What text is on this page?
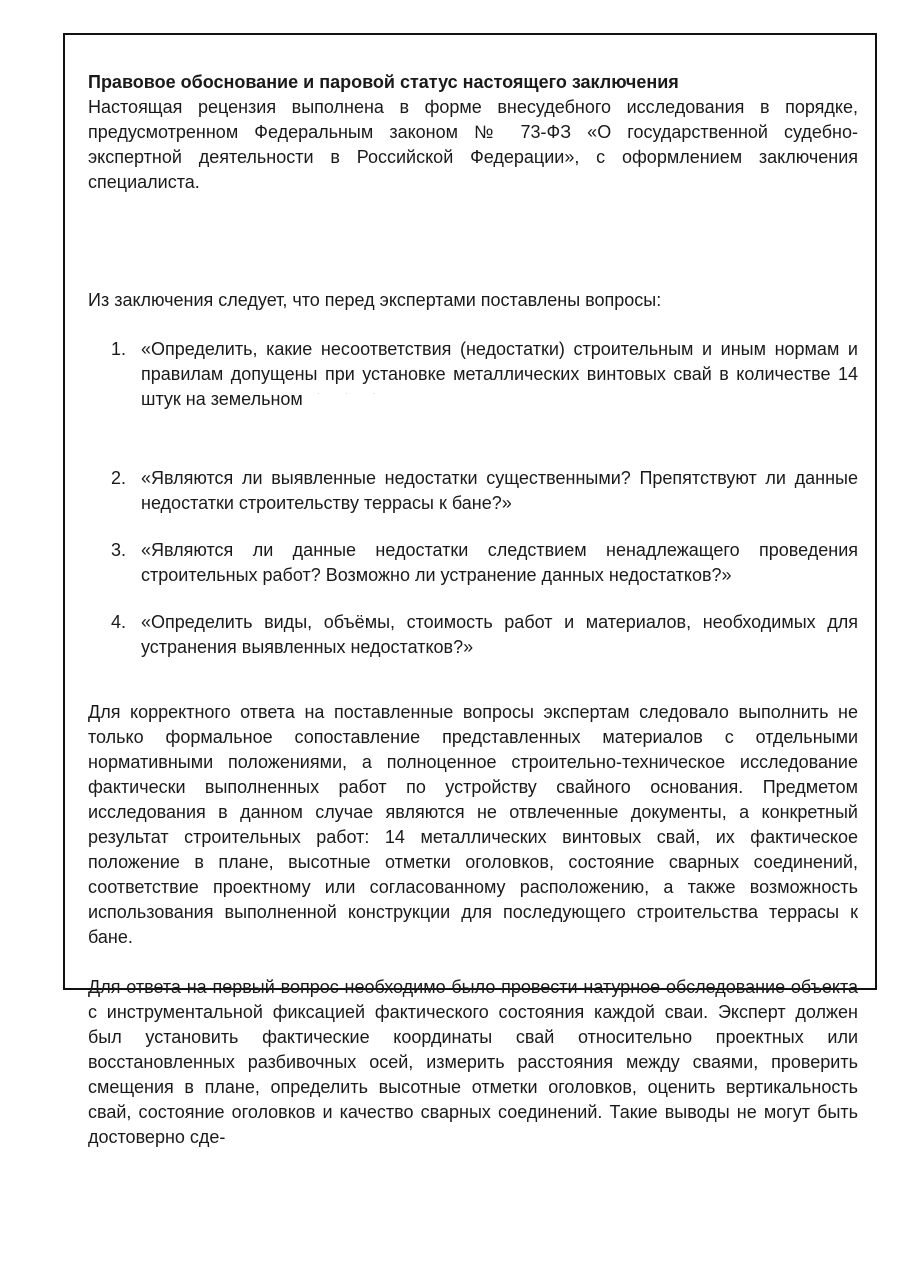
Правовое обоснование и паровой статус настоящего заключения

Настоящая рецензия выполнена в форме внесудебного исследования в порядке, предусмотренном Федеральным законом № 73-ФЗ «О государственной судебно-экспертной деятельности в Российской Федерации», с оформлением заключения специалиста.

Из заключения следует, что перед экспертами поставлены вопросы:

1. «Определить, какие несоответствия (недостатки) строительным и иным нормам и правилам допущены при установке металлических винтовых свай в количестве 14 штук на земельном
2. «Являются ли выявленные недостатки существенными? Препятствуют ли данные недостатки строительству террасы к бане?»
3. «Являются ли данные недостатки следствием ненадлежащего проведения строительных работ? Возможно ли устранение данных недостатков?»
4. «Определить виды, объёмы, стоимость работ и материалов, необходимых для устранения выявленных недостатков?»

Для корректного ответа на поставленные вопросы экспертам следовало выполнить не только формальное сопоставление представленных материалов с отдельными нормативными положениями, а полноценное строительно-техническое исследование фактически выполненных работ по устройству свайного основания. Предметом исследования в данном случае являются не отвлеченные документы, а конкретный результат строительных работ: 14 металлических винтовых свай, их фактическое положение в плане, высотные отметки оголовков, состояние сварных соединений, соответствие проектному или согласованному расположению, а также возможность использования выполненной конструкции для последующего строительства террасы к бане.

Для ответа на первый вопрос необходимо было провести натурное обследование объекта с инструментальной фиксацией фактического состояния каждой сваи. Эксперт должен был установить фактические координаты свай относительно проектных или восстановленных разбивочных осей, измерить расстояния между сваями, проверить смещения в плане, определить высотные отметки оголовков, оценить вертикальность свай, состояние оголовков и качество сварных соединений. Такие выводы не могут быть достоверно сде-

· · · ·
